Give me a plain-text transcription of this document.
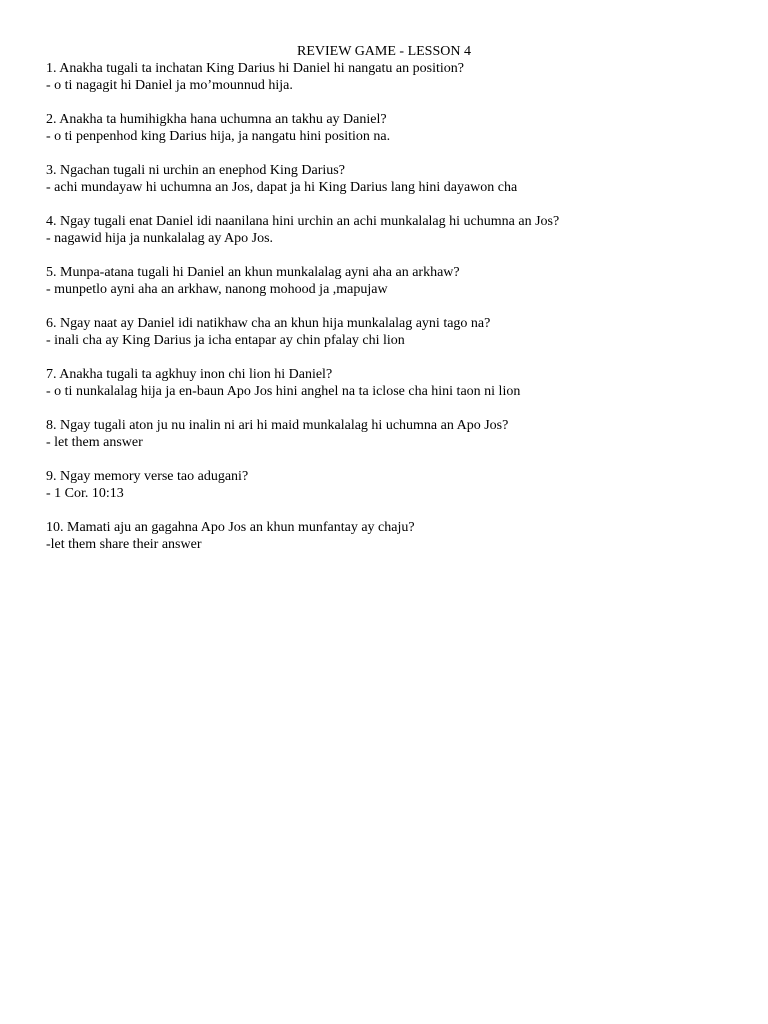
REVIEW GAME - LESSON 4
1. Anakha tugali ta inchatan King Darius hi Daniel hi nangatu an position?
- o ti nagagit hi Daniel ja mo’mounnud hija.
2. Anakha ta humihigkha hana uchumna an takhu ay Daniel?
- o ti penpenhod king Darius hija, ja nangatu hini position na.
3. Ngachan tugali ni urchin an enephod King Darius?
- achi mundayaw hi uchumna an Jos, dapat ja hi King Darius lang hini dayawon cha
4. Ngay tugali enat Daniel idi naanilana hini urchin an achi munkalalag hi uchumna an Jos?
- nagawid hija ja nunkalalag ay Apo Jos.
5. Munpa-atana tugali hi Daniel an khun munkalalag ayni aha an arkhaw?
- munpetlo ayni aha an arkhaw, nanong mohood ja ,mapujaw
6. Ngay naat ay Daniel idi natikhaw cha an khun hija munkalalag ayni tago na?
- inali cha ay King Darius ja icha entapar ay chin pfalay chi lion
7. Anakha tugali ta agkhuy inon chi lion hi Daniel?
- o ti nunkalalag hija ja en-baun Apo Jos hini anghel na ta iclose cha hini taon ni lion
8. Ngay tugali aton ju nu inalin ni ari hi maid munkalalag hi uchumna an Apo Jos?
- let them answer
9. Ngay memory verse tao adugani?
- 1 Cor. 10:13
10. Mamati aju an gagahna Apo Jos an khun munfantay ay chaju?
-let them share their answer
